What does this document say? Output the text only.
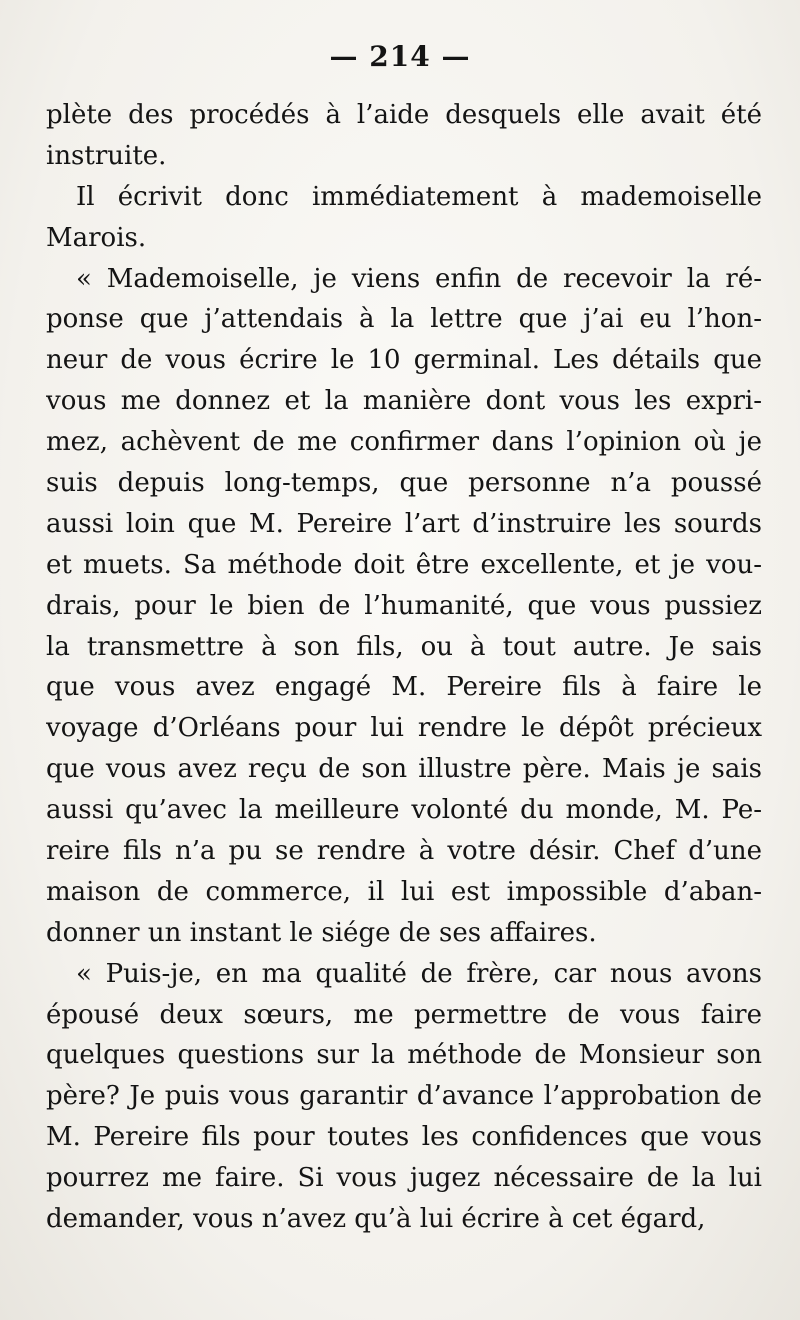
— 214 —
plète des procédés à l’aide desquels elle avait été
instruite.
Il écrivit donc immédiatement à mademoiselle
Marois.
« Mademoiselle, je viens enfin de recevoir la ré-
ponse que j’attendais à la lettre que j’ai eu l’hon-
neur de vous écrire le 10 germinal. Les détails que
vous me donnez et la manière dont vous les expri-
mez, achèvent de me confirmer dans l’opinion où je
suis depuis long-temps, que personne n’a poussé
aussi loin que M. Pereire l’art d’instruire les sourds
et muets. Sa méthode doit être excellente, et je vou-
drais, pour le bien de l’humanité, que vous pussiez
la transmettre à son fils, ou à tout autre. Je sais
que vous avez engagé M. Pereire fils à faire le
voyage d’Orléans pour lui rendre le dépôt précieux
que vous avez reçu de son illustre père. Mais je sais
aussi qu’avec la meilleure volonté du monde, M. Pe-
reire fils n’a pu se rendre à votre désir. Chef d’une
maison de commerce, il lui est impossible d’aban-
donner un instant le siége de ses affaires.
« Puis-je, en ma qualité de frère, car nous avons
épousé deux sœurs, me permettre de vous faire
quelques questions sur la méthode de Monsieur son
père? Je puis vous garantir d’avance l’approbation de
M. Pereire fils pour toutes les confidences que vous
pourrez me faire. Si vous jugez nécessaire de la lui
demander, vous n’avez qu’à lui écrire à cet égard,
